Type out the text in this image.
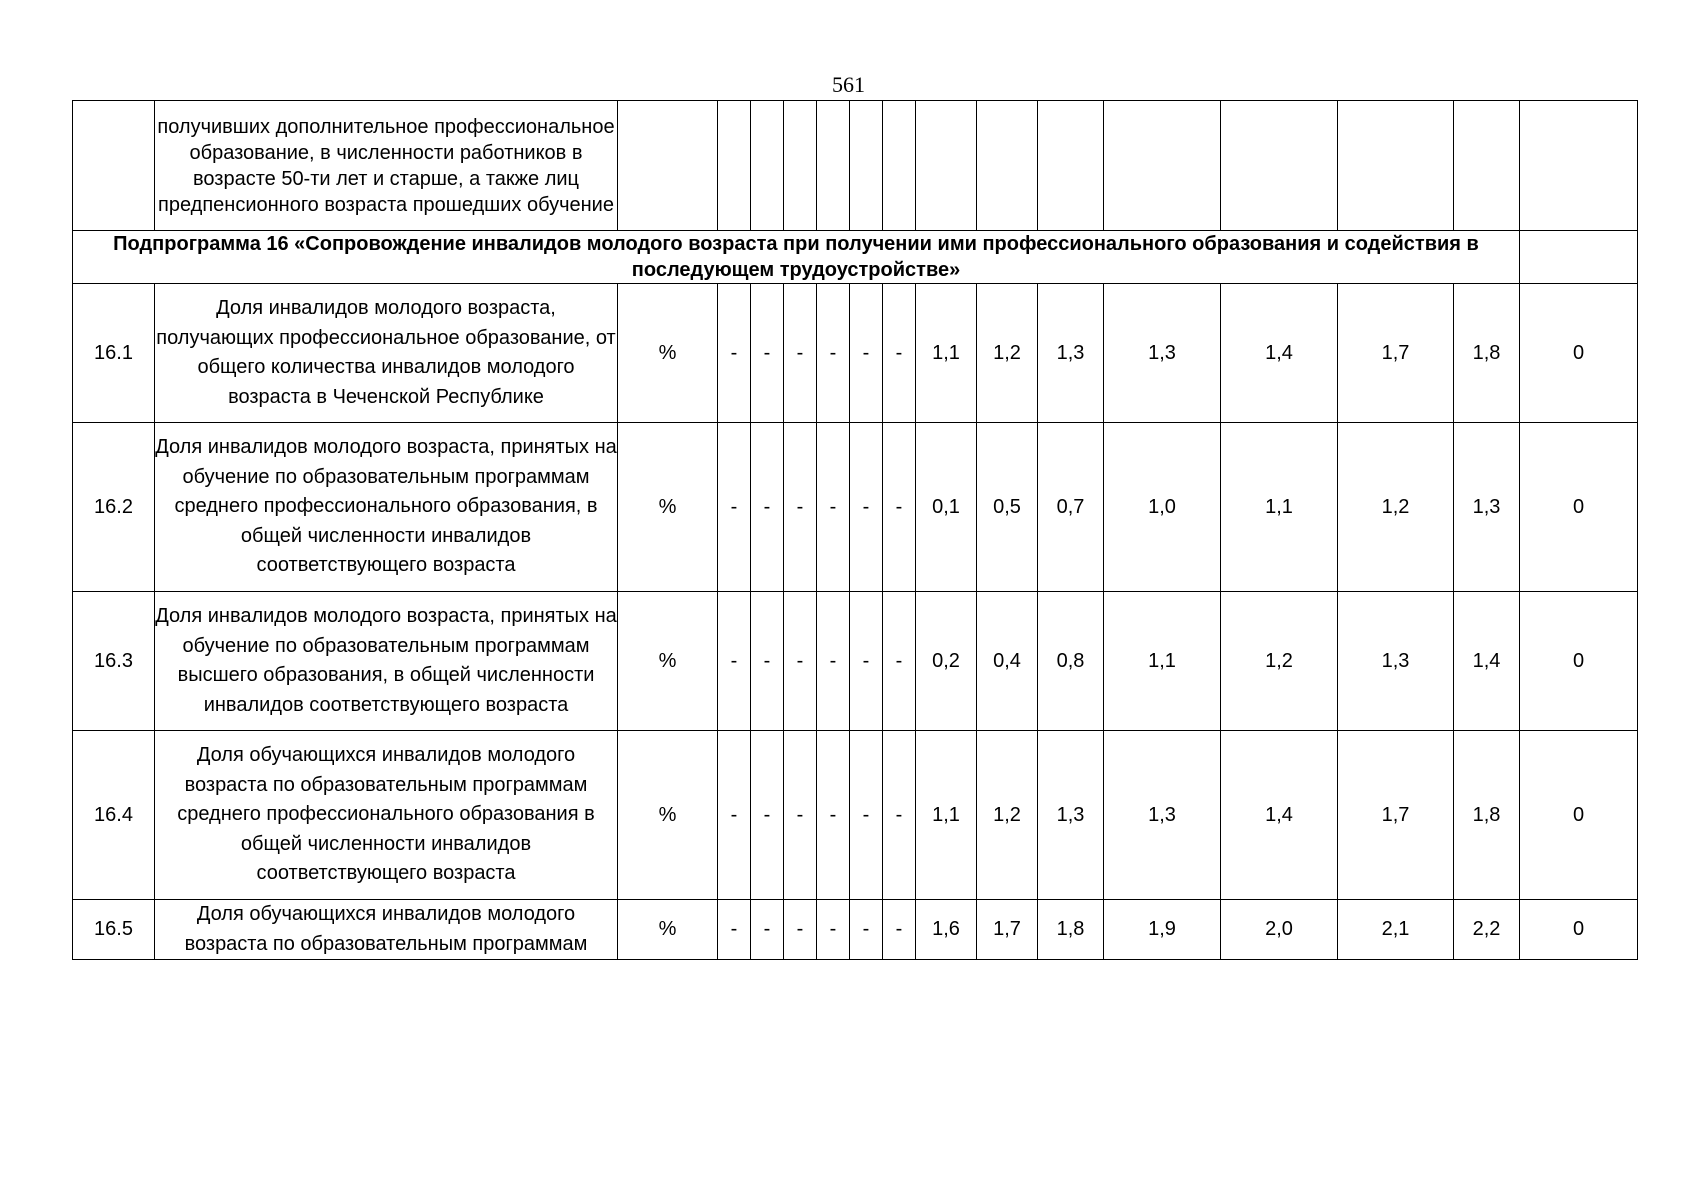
561
	получивших дополнительное профессиональное образование, в численности работников в возрасте 50-ти лет и старше, а также лиц предпенсионного возраста прошедших обучение															
Подпрограмма 16 «Сопровождение инвалидов молодого возраста при получении ими профессионального образования и содействия в последующем трудоустройстве»																
16.1	Доля инвалидов молодого возраста, получающих профессиональное образование, от общего количества инвалидов молодого возраста в Чеченской Республике	%	-	-	-	-	-	-	1,1	1,2	1,3	1,3	1,4	1,7	1,8	0
16.2	Доля инвалидов молодого возраста, принятых на обучение по образовательным программам среднего профессионального образования, в общей численности инвалидов соответствующего возраста	%	-	-	-	-	-	-	0,1	0,5	0,7	1,0	1,1	1,2	1,3	0
16.3	Доля инвалидов молодого возраста, принятых на обучение по образовательным программам высшего образования, в общей численности инвалидов соответствующего возраста	%	-	-	-	-	-	-	0,2	0,4	0,8	1,1	1,2	1,3	1,4	0
16.4	Доля обучающихся инвалидов молодого возраста по образовательным программам среднего профессионального образования в общей численности инвалидов соответствующего возраста	%	-	-	-	-	-	-	1,1	1,2	1,3	1,3	1,4	1,7	1,8	0
16.5	Доля обучающихся инвалидов молодого возраста по образовательным программам	%	-	-	-	-	-	-	1,6	1,7	1,8	1,9	2,0	2,1	2,2	0
